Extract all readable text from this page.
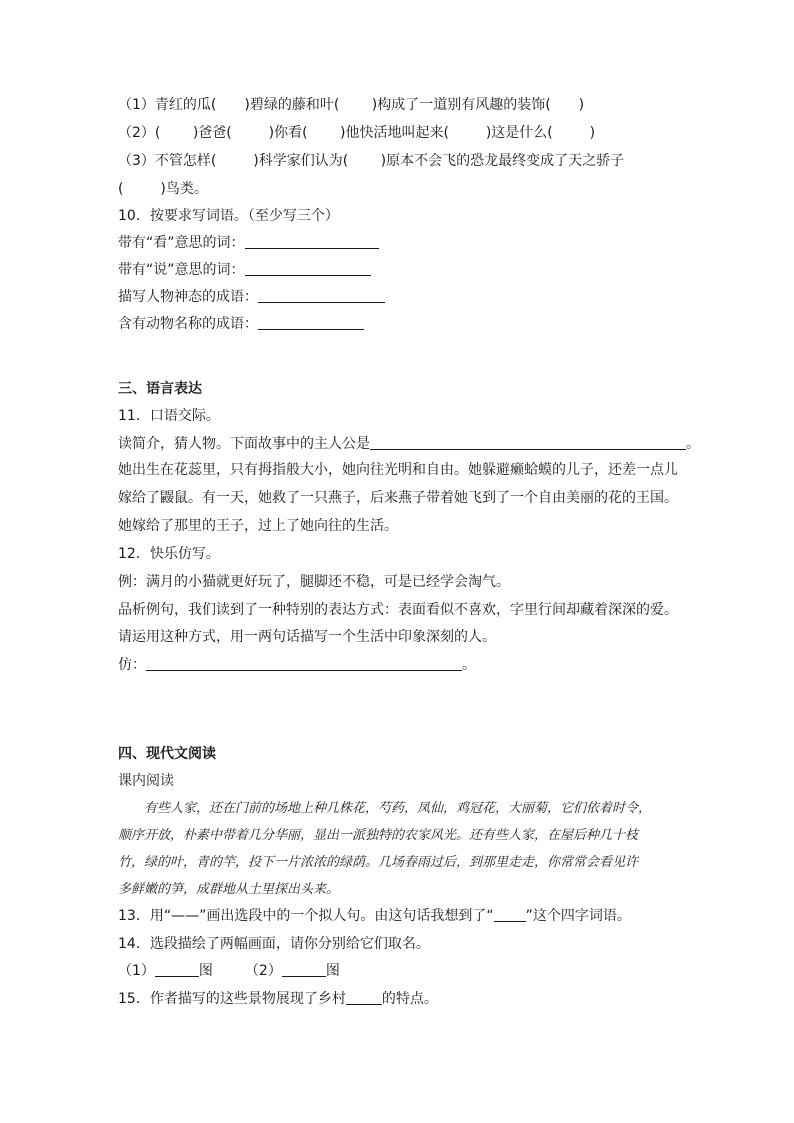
（1）青红的瓜(　　)碧绿的藤和叶(　　 )构成了一道别有风趣的装饰(　　)
（2）(　　 )爸爸(　　  )你看(　　 )他快活地叫起来(　　  )这是什么(　　  )
（3）不管怎样(　　  )科学家们认为(　　 )原本不会飞的恐龙最终变成了天之骄子
(　　  )鸟类。
10．按要求写词语。（至少写三个）
带有“看”意思的词：
带有“说”意思的词：
描写人物神态的成语：
含有动物名称的成语：
三、语言表达
11．口语交际。
读简介，猜人物。下面故事中的主人公是	。
她出生在花蕊里，只有拇指般大小，她向往光明和自由。她躲避癞蛤蟆的儿子，还差一点儿
嫁给了鼹鼠。有一天，她救了一只燕子，后来燕子带着她飞到了一个自由美丽的花的王国。
她嫁给了那里的王子，过上了她向往的生活。
12．快乐仿写。
例：满月的小猫就更好玩了，腿脚还不稳，可是已经学会淘气。
品析例句，我们读到了一种特别的表达方式：表面看似不喜欢，字里行间却藏着深深的爱。
请运用这种方式，用一两句话描写一个生活中印象深刻的人。
仿：	。
四、现代文阅读
课内阅读
　　有些人家，还在门前的场地上种几株花，芍药，凤仙，鸡冠花，大丽菊，它们依着时令，
顺序开放，朴素中带着几分华丽，显出一派独特的农家风光。还有些人家，在屋后种几十枝
竹，绿的叶，青的竿，投下一片浓浓的绿荫。几场春雨过后，到那里走走，你常常会看见许
多鲜嫩的笋，成群地从土里探出头来。
13．用“——”画出选段中的一个拟人句。由这句话我想到了“ ”这个四字词语。
14．选段描绘了两幅画面，请你分别给它们取名。
（1）	图 （2）	图
15．作者描写的这些景物展现了乡村	的特点。
